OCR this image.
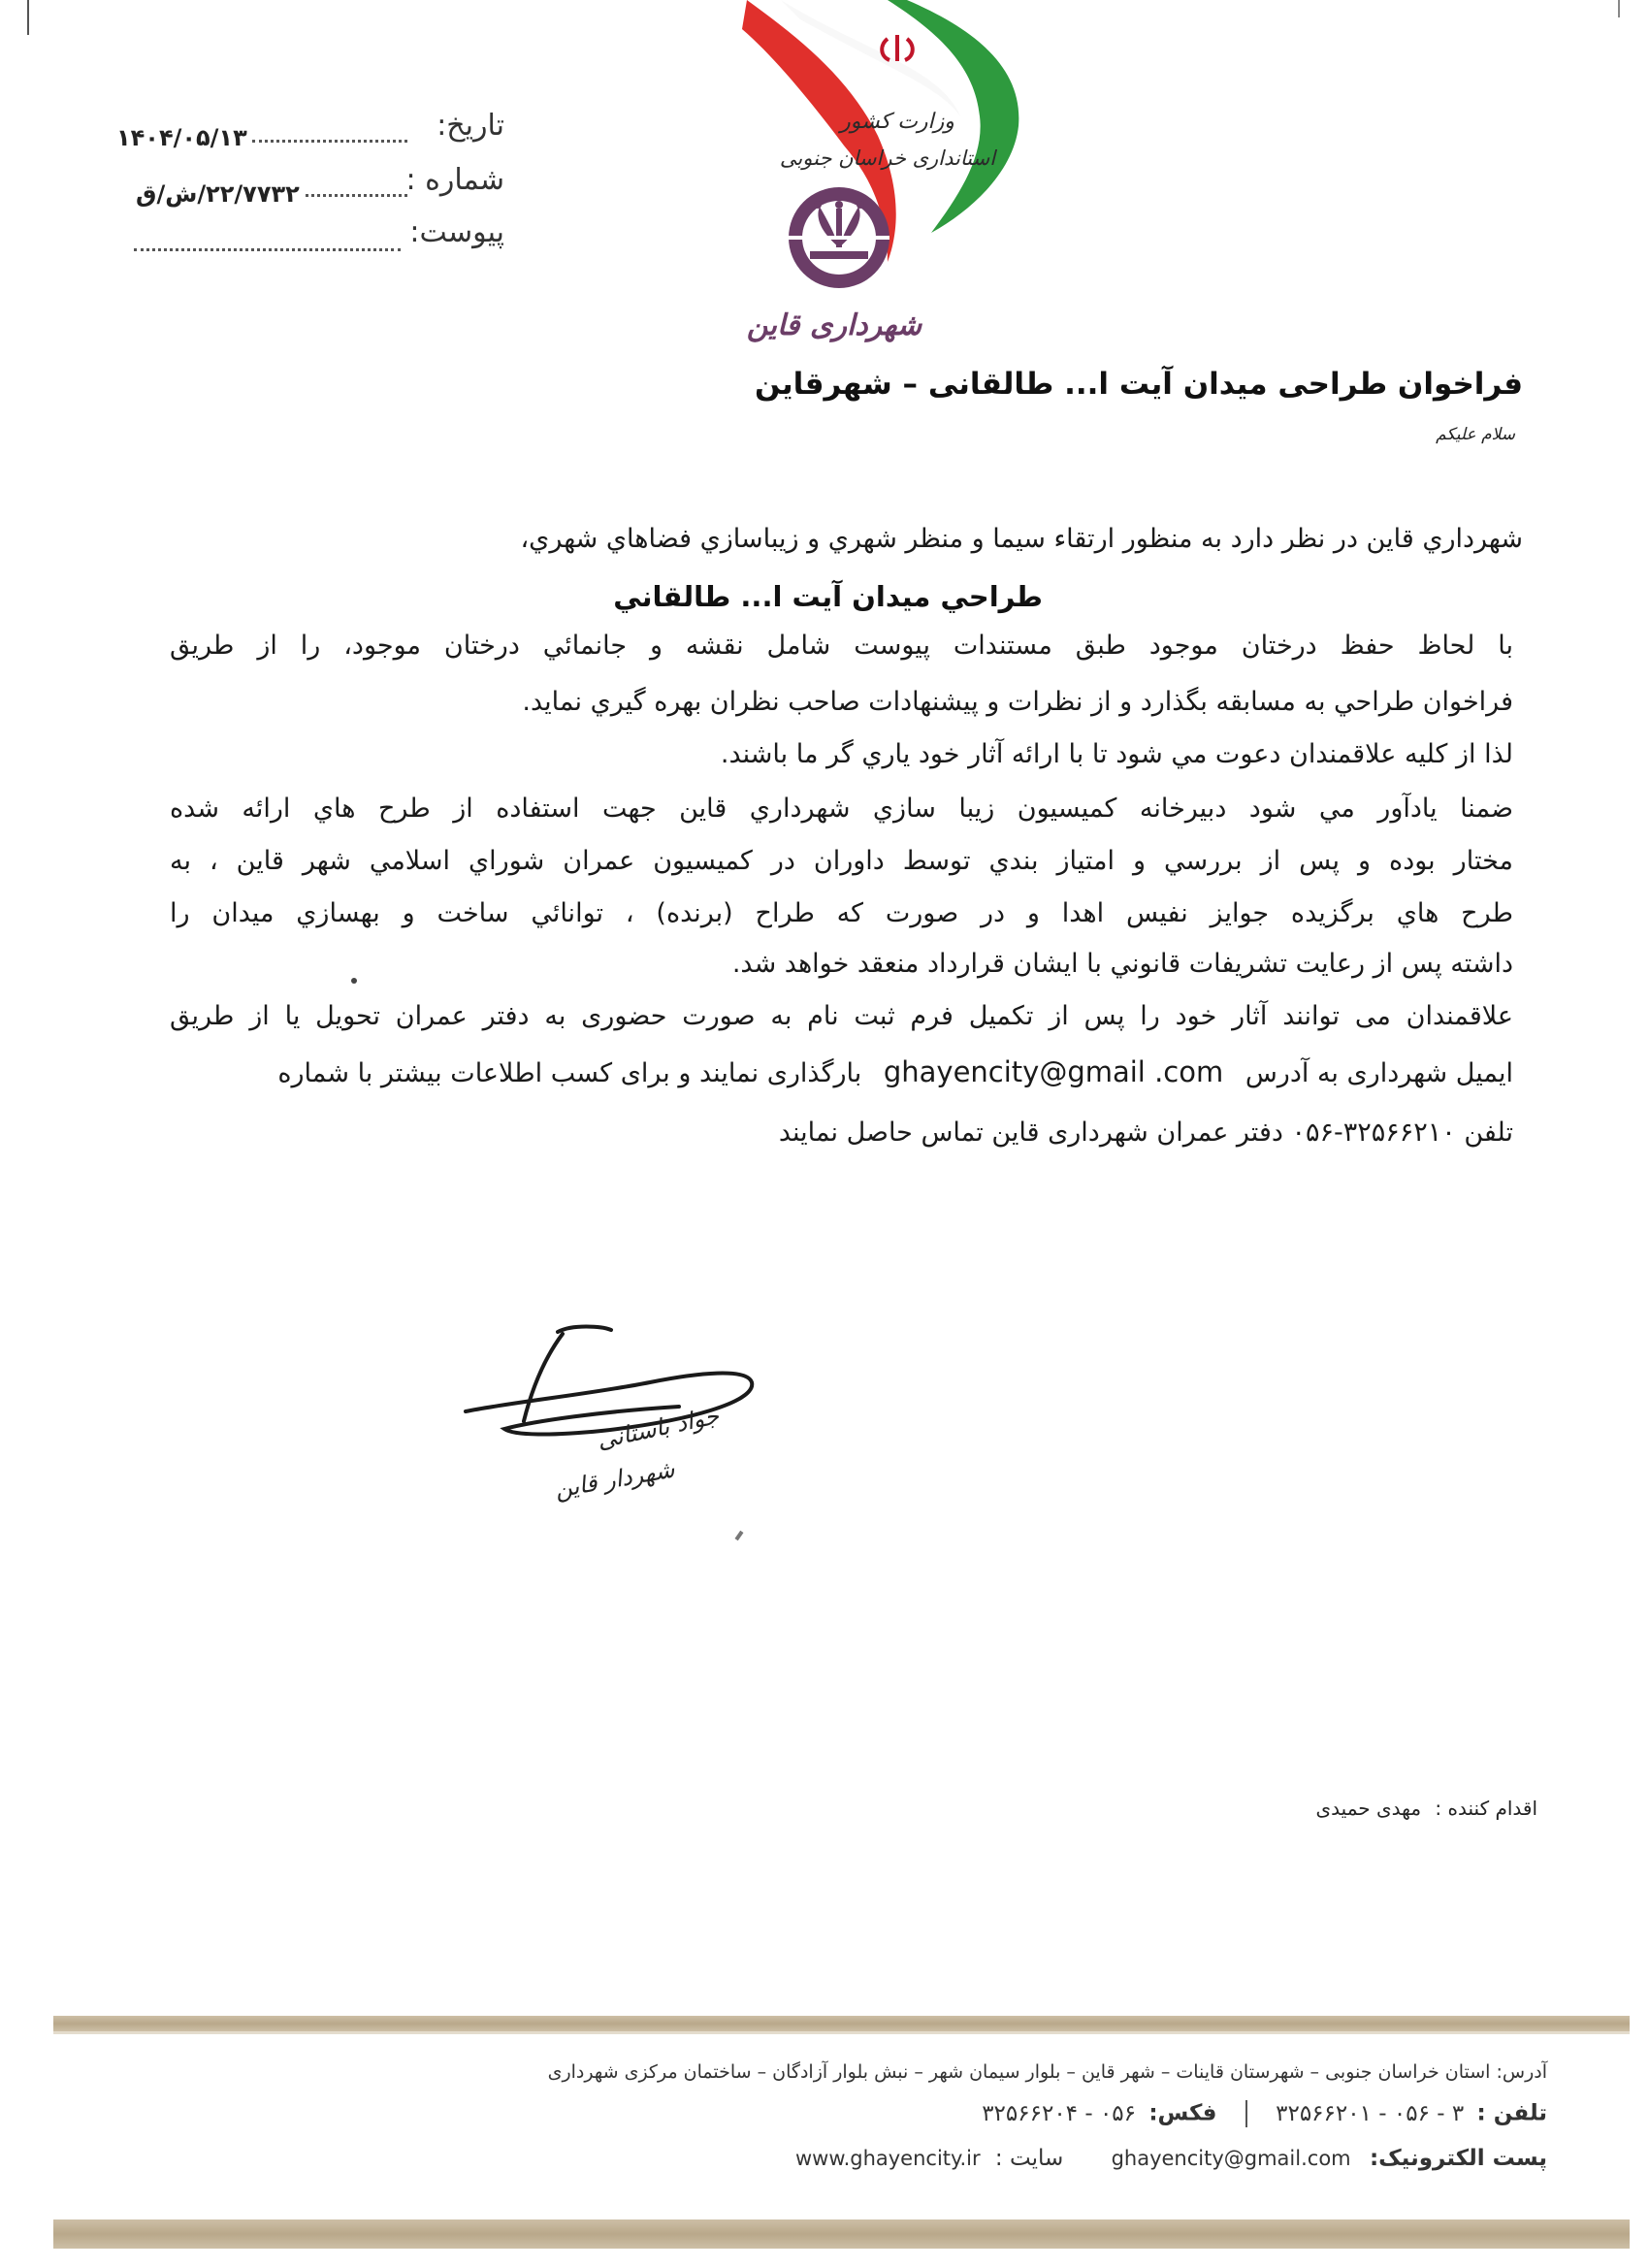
تاریخ:
۱۴۰۴/۰۵/۱۳
شماره :
۲۲/۷۷۳۲/ش/ق
پیوست:
وزارت کشور
استانداری خراسان جنوبی
شهرداری قاین
فراخوان طراحی میدان آیت ا... طالقانی – شهرقاین
سلام علیکم
شهرداري قاين در نظر دارد به منظور ارتقاء سيما و منظر شهري و زيباسازي فضاهاي شهري،
طراحي ميدان آيت ا... طالقاني
با لحاظ حفظ درختان موجود طبق مستندات پيوست شامل نقشه و جانمائي درختان موجود، را از طريق
فراخوان طراحي به مسابقه بگذارد و از نظرات و پيشنهادات صاحب نظران بهره گيري نمايد.
لذا از كليه علاقمندان دعوت مي شود تا با ارائه آثار خود ياري گر ما باشند.
ضمنا يادآور مي شود دبيرخانه كميسيون زيبا سازي شهرداري قاين جهت استفاده از طرح هاي ارائه شده
مختار بوده و پس از بررسي و امتياز بندي توسط داوران در كميسيون عمران شوراي اسلامي شهر قاين ، به
طرح هاي برگزيده جوايز نفيس اهدا و در صورت كه طراح (برنده) ، توانائي ساخت و بهسازي ميدان را
داشته پس از رعايت تشريفات قانوني با ايشان قرارداد منعقد خواهد شد.
علاقمندان می توانند آثار خود را پس از تکمیل فرم ثبت نام به صورت حضوری به دفتر عمران تحویل یا از طریق
ایمیل شهرداری به آدرس ghayencity@gmail .com بارگذاری نمایند و برای کسب اطلاعات بیشتر با شماره
تلفن ۳۲۵۶۶۲۱۰-۰۵۶ دفتر عمران شهرداری قاین تماس حاصل نمایند
جواد باستانی
شهردار قاین
اقدام کننده : مهدی حمیدی
آدرس: استان خراسان جنوبی – شهرستان قاینات – شهر قاین – بلوار سیمان شهر – نبش بلوار آزادگان – ساختمان مرکزی شهرداری
تلفن : ۳ - ۰۵۶ - ۳۲۵۶۶۲۰۱  فکس: ۰۵۶ - ۳۲۵۶۶۲۰۴
پست الکترونیک: ghayencity@gmail.com سایت : www.ghayencity.ir
